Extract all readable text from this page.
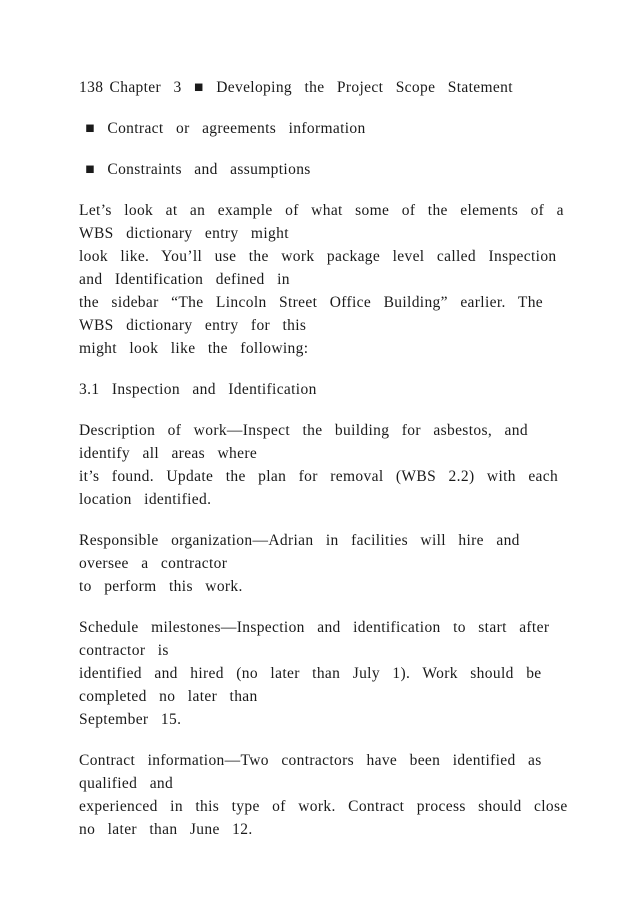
138 Chapter  3  ■  Developing  the  Project  Scope  Statement
■  Contract  or  agreements  information
■  Constraints  and  assumptions
Let’s  look  at  an  example  of  what  some  of  the  elements  of  a
WBS  dictionary  entry  might
look  like.  You’ll  use  the  work  package  level  called  Inspection
and  Identification  defined  in
the  sidebar  “The  Lincoln  Street  Office  Building”  earlier.  The
WBS  dictionary  entry  for  this
might  look  like  the  following:
3.1  Inspection  and  Identification
Description  of  work—Inspect  the  building  for  asbestos,  and
identify  all  areas  where
it’s  found.  Update  the  plan  for  removal  (WBS  2.2)  with  each
location  identified.
Responsible  organization—Adrian  in  facilities  will  hire  and
oversee  a  contractor
to  perform  this  work.
Schedule  milestones—Inspection  and  identification  to  start  after
contractor  is
identified  and  hired  (no  later  than  July  1).  Work  should  be
completed  no  later  than
September  15.
Contract  information—Two  contractors  have  been  identified  as
qualified  and
experienced  in  this  type  of  work.  Contract  process  should  close
no  later  than  June  12.
